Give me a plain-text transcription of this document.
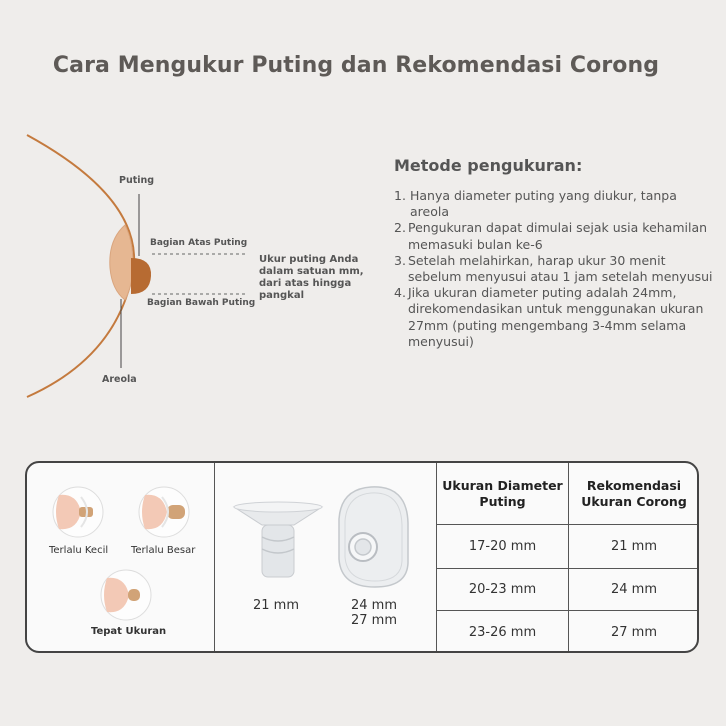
Cara Mengukur Puting dan Rekomendasi Corong
Puting
Bagian Atas Puting
Bagian Bawah Puting
Areola
Ukur puting Anda
dalam satuan mm,
dari atas hingga
pangkal
Metode pengukuran:
1. Hanya diameter puting yang diukur, tanpa areola
2. Pengukuran dapat dimulai sejak usia kehamilan memasuki bulan ke-6
3. Setelah melahirkan, harap ukur 30 menit sebelum menyusui atau 1 jam setelah menyusui
4. Jika ukuran diameter puting adalah 24mm, direkomendasikan untuk menggunakan ukuran 27mm (puting mengembang 3-4mm selama menyusui)
Terlalu Kecil Terlalu Besar
Tepat Ukuran
21 mm	24 mm
27 mm
Ukuran Diameter Puting
Rekomendasi Ukuran Corong
17-20 mm	21 mm
20-23 mm	24 mm
23-26 mm	27 mm
